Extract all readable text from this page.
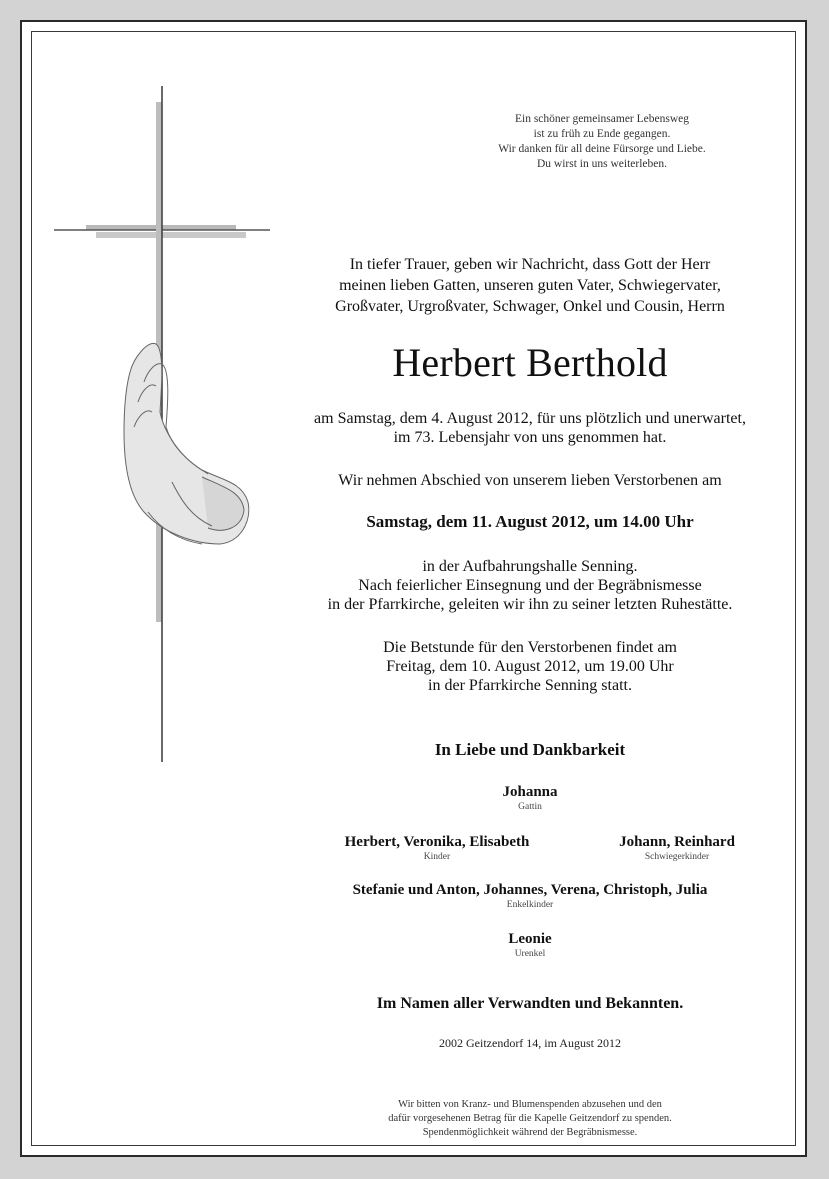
Ein schöner gemeinsamer Lebensweg
ist zu früh zu Ende gegangen.
Wir danken für all deine Fürsorge und Liebe.
Du wirst in uns weiterleben.
In tiefer Trauer, geben wir Nachricht, dass Gott der Herr
meinen lieben Gatten, unseren guten Vater, Schwiegervater,
Großvater, Urgroßvater, Schwager, Onkel und Cousin, Herrn
Herbert Berthold
am Samstag, dem 4. August 2012, für uns plötzlich und unerwartet,
im 73. Lebensjahr von uns genommen hat.
Wir nehmen Abschied von unserem lieben Verstorbenen am
Samstag, dem 11. August 2012, um 14.00 Uhr
in der Aufbahrungshalle Senning.
Nach feierlicher Einsegnung und der Begräbnismesse
in der Pfarrkirche, geleiten wir ihn zu seiner letzten Ruhestätte.
Die Betstunde für den Verstorbenen findet am
Freitag, dem 10. August 2012, um 19.00 Uhr
in der Pfarrkirche Senning statt.
In Liebe und Dankbarkeit
Johanna
Gattin
Herbert, Veronika, Elisabeth
Kinder
Johann, Reinhard
Schwiegerkinder
Stefanie und Anton, Johannes, Verena, Christoph, Julia
Enkelkinder
Leonie
Urenkel
Im Namen aller Verwandten und Bekannten.
2002 Geitzendorf 14, im August 2012
Wir bitten von Kranz- und Blumenspenden abzusehen und den
dafür vorgesehenen Betrag für die Kapelle Geitzendorf zu spenden.
Spendenmöglichkeit während der Begräbnismesse.
